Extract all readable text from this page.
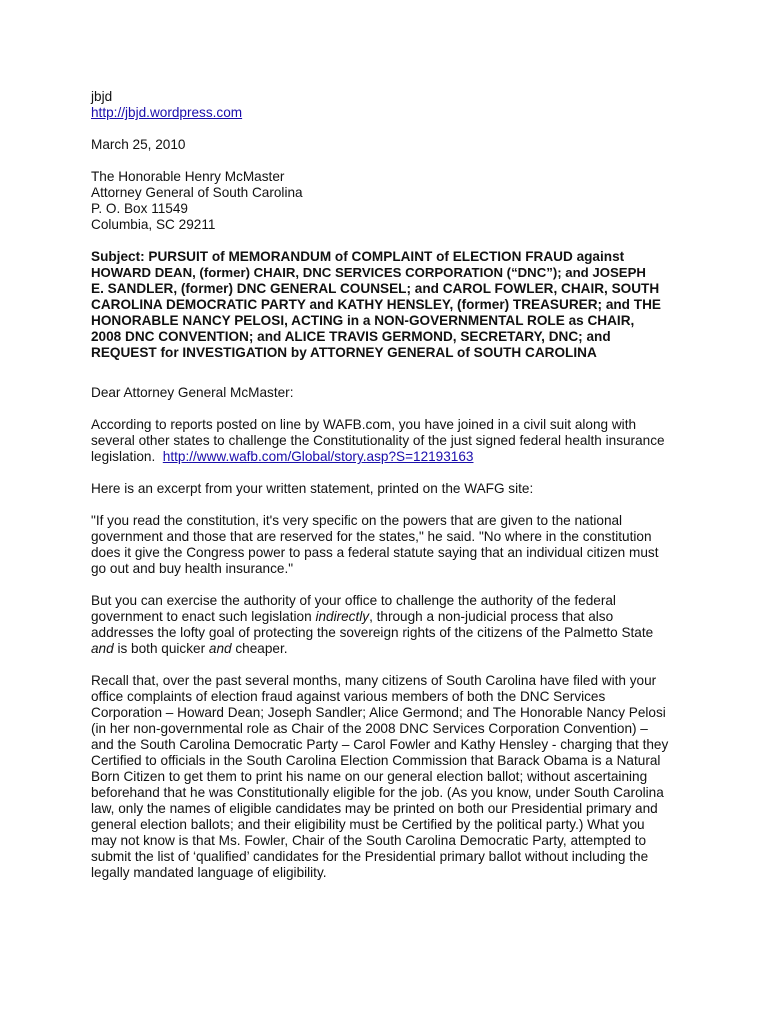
jbjd
http://jbjd.wordpress.com
March 25, 2010
The Honorable Henry McMaster
Attorney General of South Carolina
P. O. Box 11549
Columbia, SC 29211
Subject: PURSUIT of MEMORANDUM of COMPLAINT of ELECTION FRAUD against
HOWARD DEAN, (former) CHAIR, DNC SERVICES CORPORATION (“DNC”); and JOSEPH
E. SANDLER, (former) DNC GENERAL COUNSEL; and CAROL FOWLER, CHAIR, SOUTH
CAROLINA DEMOCRATIC PARTY and KATHY HENSLEY, (former) TREASURER; and THE
HONORABLE NANCY PELOSI, ACTING in a NON-GOVERNMENTAL ROLE as CHAIR,
2008 DNC CONVENTION; and ALICE TRAVIS GERMOND, SECRETARY, DNC; and
REQUEST for INVESTIGATION by ATTORNEY GENERAL of SOUTH CAROLINA
Dear Attorney General McMaster:
According to reports posted on line by WAFB.com, you have joined in a civil suit along with
several other states to challenge the Constitutionality of the just signed federal health insurance
legislation.  http://www.wafb.com/Global/story.asp?S=12193163
Here is an excerpt from your written statement, printed on the WAFG site:
"If you read the constitution, it's very specific on the powers that are given to the national
government and those that are reserved for the states," he said. "No where in the constitution
does it give the Congress power to pass a federal statute saying that an individual citizen must
go out and buy health insurance."
But you can exercise the authority of your office to challenge the authority of the federal
government to enact such legislation indirectly, through a non-judicial process that also
addresses the lofty goal of protecting the sovereign rights of the citizens of the Palmetto State
and is both quicker and cheaper.
Recall that, over the past several months, many citizens of South Carolina have filed with your
office complaints of election fraud against various members of both the DNC Services
Corporation – Howard Dean; Joseph Sandler; Alice Germond; and The Honorable Nancy Pelosi
(in her non-governmental role as Chair of the 2008 DNC Services Corporation Convention) –
and the South Carolina Democratic Party – Carol Fowler and Kathy Hensley - charging that they
Certified to officials in the South Carolina Election Commission that Barack Obama is a Natural
Born Citizen to get them to print his name on our general election ballot; without ascertaining
beforehand that he was Constitutionally eligible for the job. (As you know, under South Carolina
law, only the names of eligible candidates may be printed on both our Presidential primary and
general election ballots; and their eligibility must be Certified by the political party.) What you
may not know is that Ms. Fowler, Chair of the South Carolina Democratic Party, attempted to
submit the list of ‘qualified’ candidates for the Presidential primary ballot without including the
legally mandated language of eligibility.
